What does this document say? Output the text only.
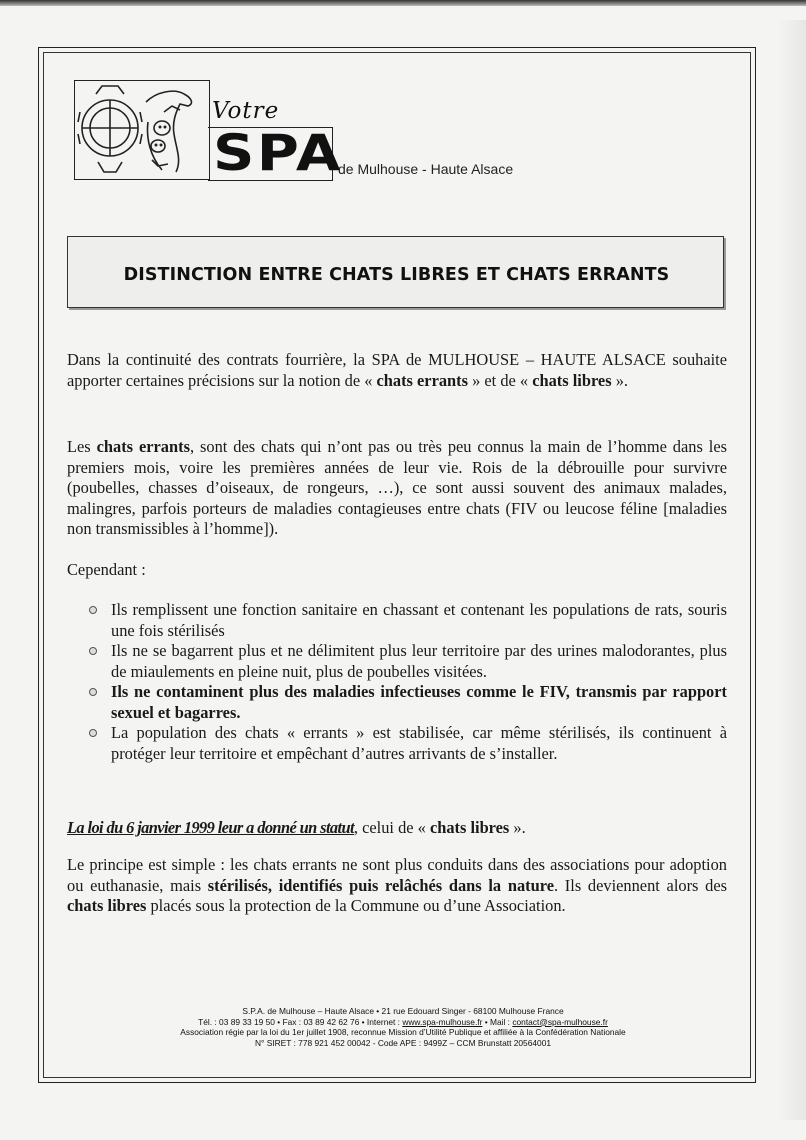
Votre
SPA
de Mulhouse - Haute Alsace
DISTINCTION ENTRE CHATS LIBRES ET CHATS ERRANTS
Dans la continuité des contrats fourrière, la SPA de MULHOUSE – HAUTE ALSACE souhaite apporter certaines précisions sur la notion de « chats errants » et de « chats libres ».
Les chats errants, sont des chats qui n’ont pas ou très peu connus la main de l’homme dans les premiers mois, voire les premières années de leur vie. Rois de la débrouille pour survivre (poubelles, chasses d’oiseaux, de rongeurs, …), ce sont aussi souvent des animaux malades, malingres, parfois porteurs de maladies contagieuses entre chats (FIV ou leucose féline [maladies non transmissibles à l’homme]).
Cependant :
Ils remplissent une fonction sanitaire en chassant et contenant les populations de rats, souris une fois stérilisés
Ils ne se bagarrent plus et ne délimitent plus leur territoire par des urines malodorantes, plus de miaulements en pleine nuit, plus de poubelles visitées.
Ils ne contaminent plus des maladies infectieuses comme le FIV, transmis par rapport sexuel et bagarres.
La population des chats « errants » est stabilisée, car même stérilisés, ils continuent à protéger leur territoire et empêchant d’autres arrivants de s’installer.
La loi du 6 janvier 1999 leur a donné un statut, celui de « chats libres ».
Le principe est simple : les chats errants ne sont plus conduits dans des associations pour adoption ou euthanasie, mais stérilisés, identifiés puis relâchés dans la nature. Ils deviennent alors des chats libres placés sous la protection de la Commune ou d’une Association.
S.P.A. de Mulhouse – Haute Alsace • 21 rue Edouard Singer - 68100 Mulhouse France
Tél. : 03 89 33 19 50 • Fax : 03 89 42 62 76 • Internet : www.spa-mulhouse.fr • Mail : contact@spa-mulhouse.fr
Association régie par la loi du 1er juillet 1908, reconnue Mission d’Utilité Publique et affiliée à la Confédération Nationale
N° SIRET : 778 921 452 00042 - Code APE : 9499Z – CCM Brunstatt 20564001
